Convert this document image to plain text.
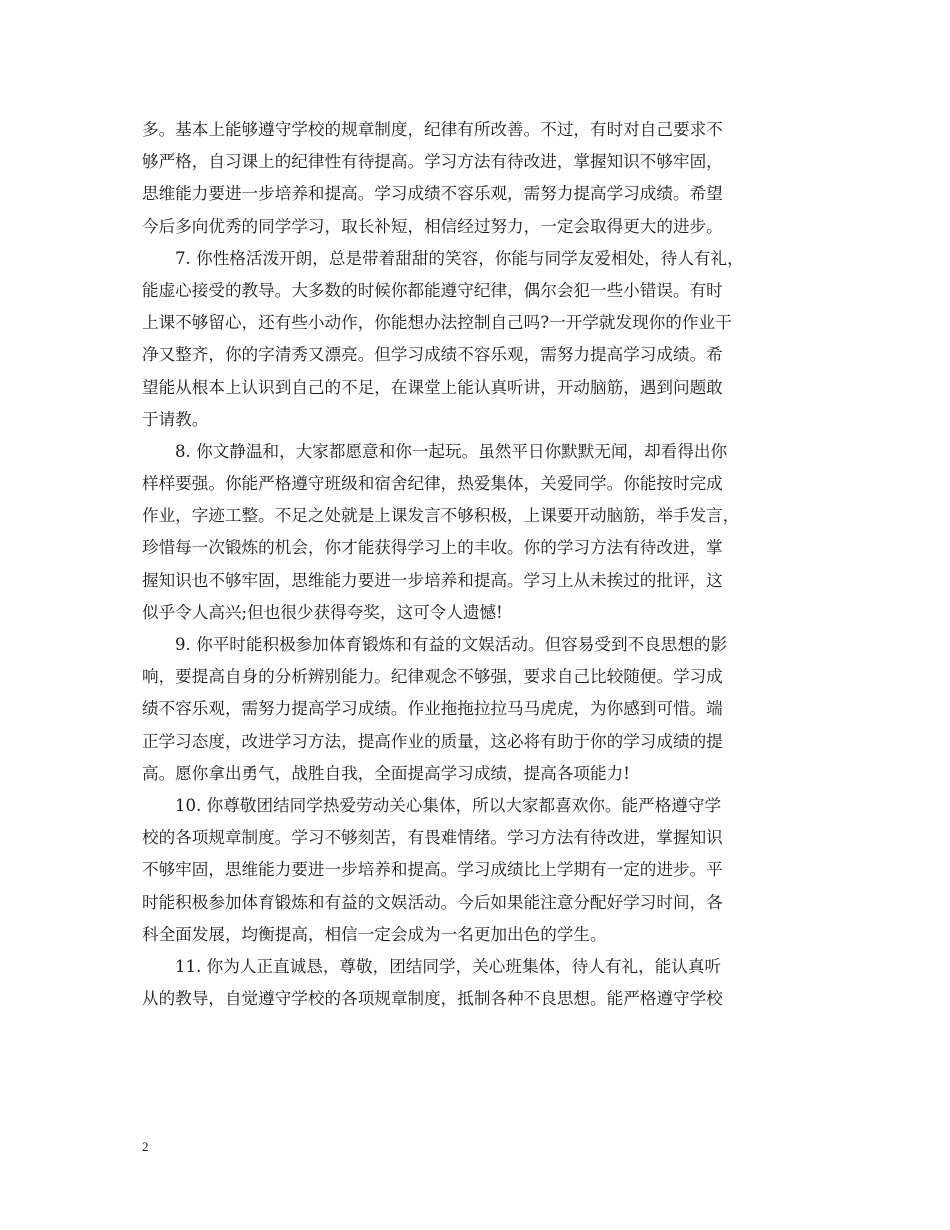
多。基本上能够遵守学校的规章制度，纪律有所改善。不过，有时对自己要求不
够严格，自习课上的纪律性有待提高。学习方法有待改进，掌握知识不够牢固，
思维能力要进一步培养和提高。学习成绩不容乐观，需努力提高学习成绩。希望
今后多向优秀的同学学习，取长补短，相信经过努力，一定会取得更大的进步。
7. 你性格活泼开朗，总是带着甜甜的笑容，你能与同学友爱相处，待人有礼，
能虚心接受的教导。大多数的时候你都能遵守纪律，偶尔会犯一些小错误。有时
上课不够留心，还有些小动作，你能想办法控制自己吗?一开学就发现你的作业干
净又整齐，你的字清秀又漂亮。但学习成绩不容乐观，需努力提高学习成绩。希
望能从根本上认识到自己的不足，在课堂上能认真听讲，开动脑筋，遇到问题敢
于请教。
8. 你文静温和，大家都愿意和你一起玩。虽然平日你默默无闻，却看得出你
样样要强。你能严格遵守班级和宿舍纪律，热爱集体，关爱同学。你能按时完成
作业，字迹工整。不足之处就是上课发言不够积极，上课要开动脑筋，举手发言，
珍惜每一次锻炼的机会，你才能获得学习上的丰收。你的学习方法有待改进，掌
握知识也不够牢固，思维能力要进一步培养和提高。学习上从未挨过的批评，这
似乎令人高兴;但也很少获得夸奖，这可令人遗憾!
9. 你平时能积极参加体育锻炼和有益的文娱活动。但容易受到不良思想的影
响，要提高自身的分析辨别能力。纪律观念不够强，要求自己比较随便。学习成
绩不容乐观，需努力提高学习成绩。作业拖拖拉拉马马虎虎，为你感到可惜。端
正学习态度，改进学习方法，提高作业的质量，这必将有助于你的学习成绩的提
高。愿你拿出勇气，战胜自我，全面提高学习成绩，提高各项能力!
10. 你尊敬团结同学热爱劳动关心集体，所以大家都喜欢你。能严格遵守学
校的各项规章制度。学习不够刻苦，有畏难情绪。学习方法有待改进，掌握知识
不够牢固，思维能力要进一步培养和提高。学习成绩比上学期有一定的进步。平
时能积极参加体育锻炼和有益的文娱活动。今后如果能注意分配好学习时间，各
科全面发展，均衡提高，相信一定会成为一名更加出色的学生。
11. 你为人正直诚恳，尊敬，团结同学，关心班集体，待人有礼，能认真听
从的教导，自觉遵守学校的各项规章制度，抵制各种不良思想。能严格遵守学校
2
